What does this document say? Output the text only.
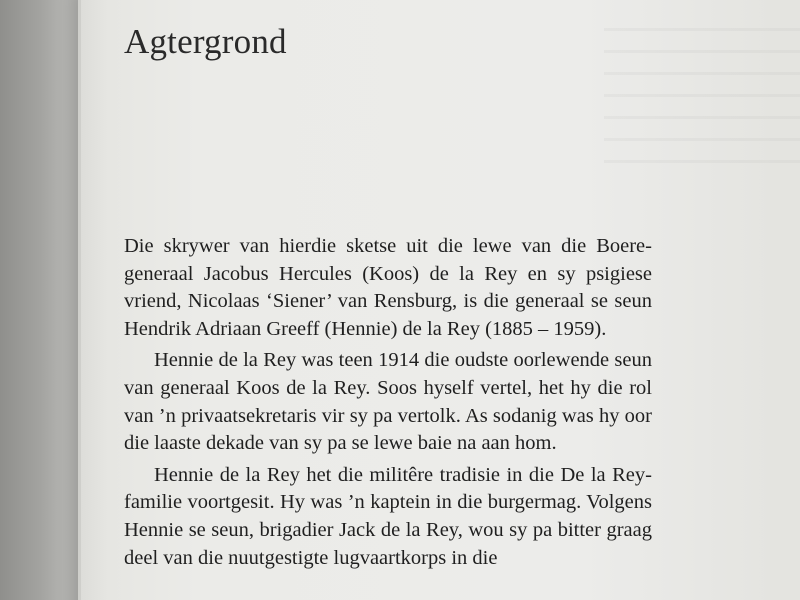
Agtergrond

Die skrywer van hierdie sketse uit die lewe van die Boere-generaal Jacobus Hercules (Koos) de la Rey en sy psigiese vriend, Nicolaas ‘Siener’ van Rensburg, is die generaal se seun Hendrik Adriaan Greeff (Hennie) de la Rey (1885 – 1959).

Hennie de la Rey was teen 1914 die oudste oorlewende seun van generaal Koos de la Rey. Soos hyself vertel, het hy die rol van ’n privaatsekretaris vir sy pa vertolk. As sodanig was hy oor die laaste dekade van sy pa se lewe baie na aan hom.

Hennie de la Rey het die militêre tradisie in die De la Rey-familie voortgesit. Hy was ’n kaptein in die burgermag. Volgens Hennie se seun, brigadier Jack de la Rey, wou sy pa bitter graag deel van die nuutgestigte lugvaartkorps in die
